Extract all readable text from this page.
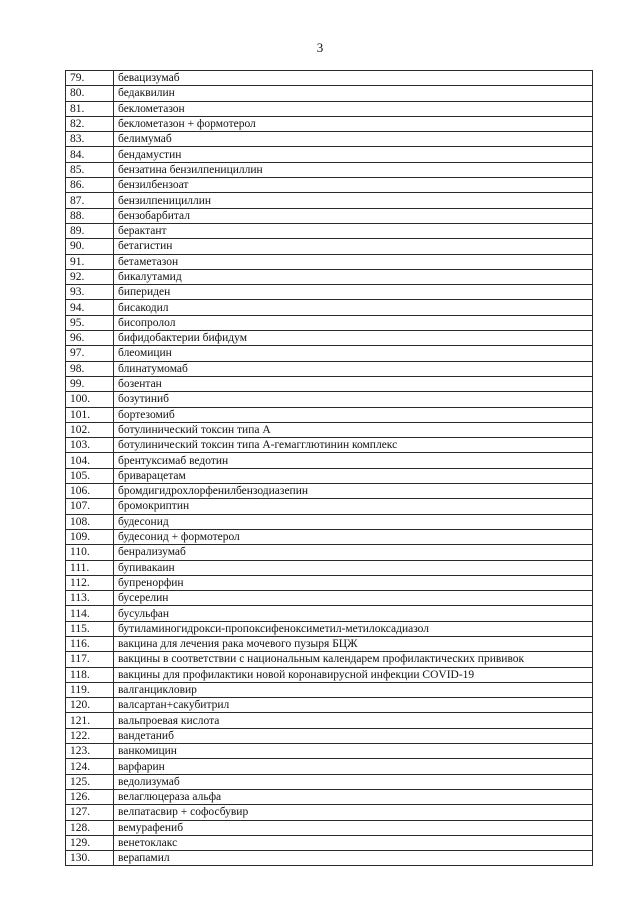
3
79.	бевацизумаб
80.	бедаквилин
81.	беклометазон
82.	беклометазон + формотерол
83.	белимумаб
84.	бендамустин
85.	бензатина бензилпенициллин
86.	бензилбензоат
87.	бензилпенициллин
88.	бензобарбитал
89.	берактант
90.	бетагистин
91.	бетаметазон
92.	бикалутамид
93.	бипериден
94.	бисакодил
95.	бисопролол
96.	бифидобактерии бифидум
97.	блеомицин
98.	блинатумомаб
99.	бозентан
100.	бозутиниб
101.	бортезомиб
102.	ботулинический токсин типа А
103.	ботулинический токсин типа А-гемагглютинин комплекс
104.	брентуксимаб ведотин
105.	бриварацетам
106.	бромдигидрохлорфенилбензодиазепин
107.	бромокриптин
108.	будесонид
109.	будесонид + формотерол
110.	бенрализумаб
111.	бупивакаин
112.	бупренорфин
113.	бусерелин
114.	бусульфан
115.	бутиламиногидрокси-пропоксифеноксиметил-метилоксадиазол
116.	вакцина для лечения рака мочевого пузыря БЦЖ
117.	вакцины в соответствии с национальным календарем профилактических прививок
118.	вакцины для профилактики новой коронавирусной инфекции COVID-19
119.	валганцикловир
120.	валсартан+сакубитрил
121.	вальпроевая кислота
122.	вандетаниб
123.	ванкомицин
124.	варфарин
125.	ведолизумаб
126.	велаглюцераза альфа
127.	велпатасвир + софосбувир
128.	вемурафениб
129.	венетоклакс
130.	верапамил
